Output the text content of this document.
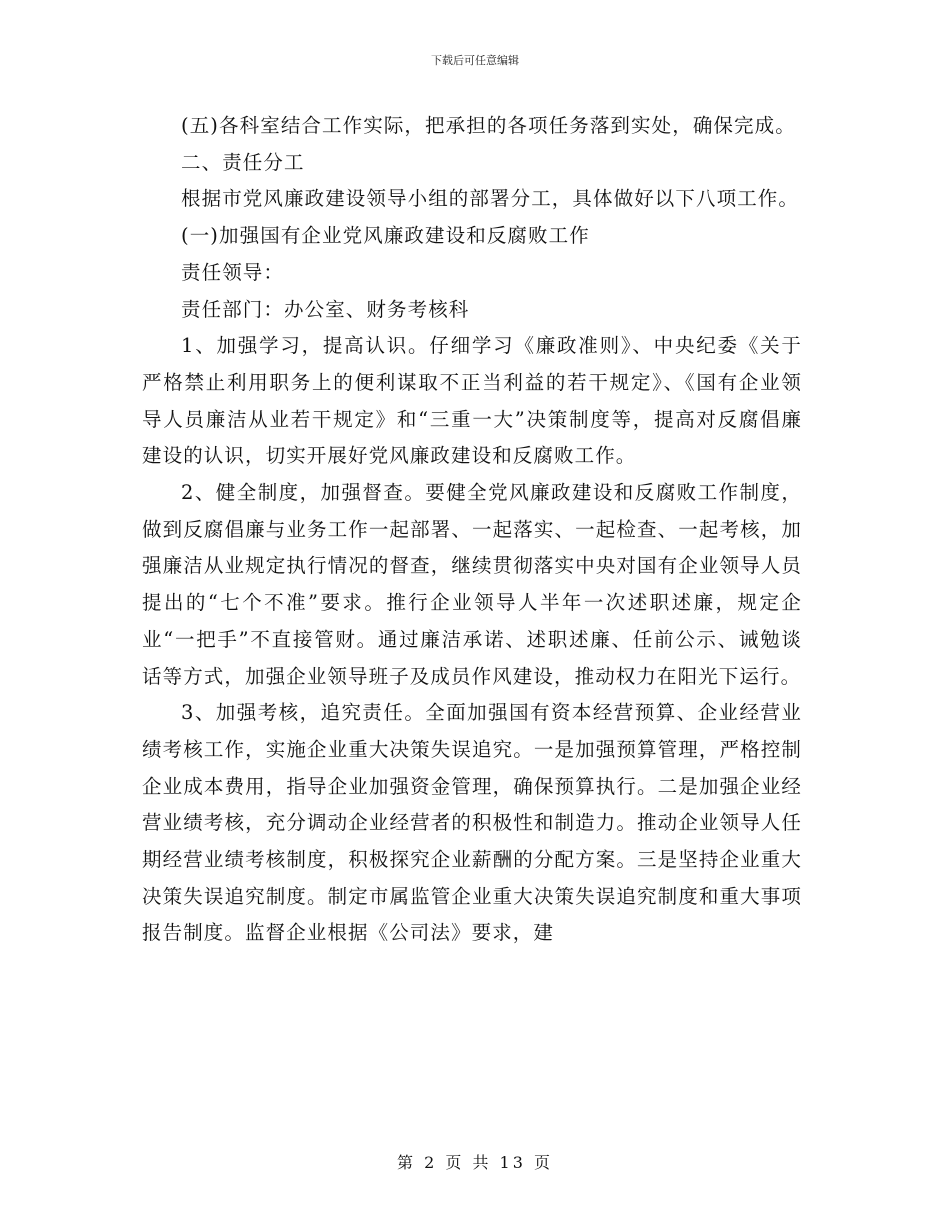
下载后可任意编辑

(五)各科室结合工作实际，把承担的各项任务落到实处，确保完成。

二、责任分工

根据市党风廉政建设领导小组的部署分工，具体做好以下八项工作。

(一)加强国有企业党风廉政建设和反腐败工作

责任领导：

责任部门：办公室、财务考核科

1、加强学习，提高认识。仔细学习《廉政准则》、中央纪委《关于严格禁止利用职务上的便利谋取不正当利益的若干规定》、《国有企业领导人员廉洁从业若干规定》和“三重一大”决策制度等，提高对反腐倡廉建设的认识，切实开展好党风廉政建设和反腐败工作。

2、健全制度，加强督查。要健全党风廉政建设和反腐败工作制度，做到反腐倡廉与业务工作一起部署、一起落实、一起检查、一起考核，加强廉洁从业规定执行情况的督查，继续贯彻落实中央对国有企业领导人员提出的“七个不准”要求。推行企业领导人半年一次述职述廉，规定企业“一把手”不直接管财。通过廉洁承诺、述职述廉、任前公示、诫勉谈话等方式，加强企业领导班子及成员作风建设，推动权力在阳光下运行。

3、加强考核，追究责任。全面加强国有资本经营预算、企业经营业绩考核工作，实施企业重大决策失误追究。一是加强预算管理，严格控制企业成本费用，指导企业加强资金管理，确保预算执行。二是加强企业经营业绩考核，充分调动企业经营者的积极性和制造力。推动企业领导人任期经营业绩考核制度，积极探究企业薪酬的分配方案。三是坚持企业重大决策失误追究制度。制定市属监管企业重大决策失误追究制度和重大事项报告制度。监督企业根据《公司法》要求，建

第 2 页 共 13 页
